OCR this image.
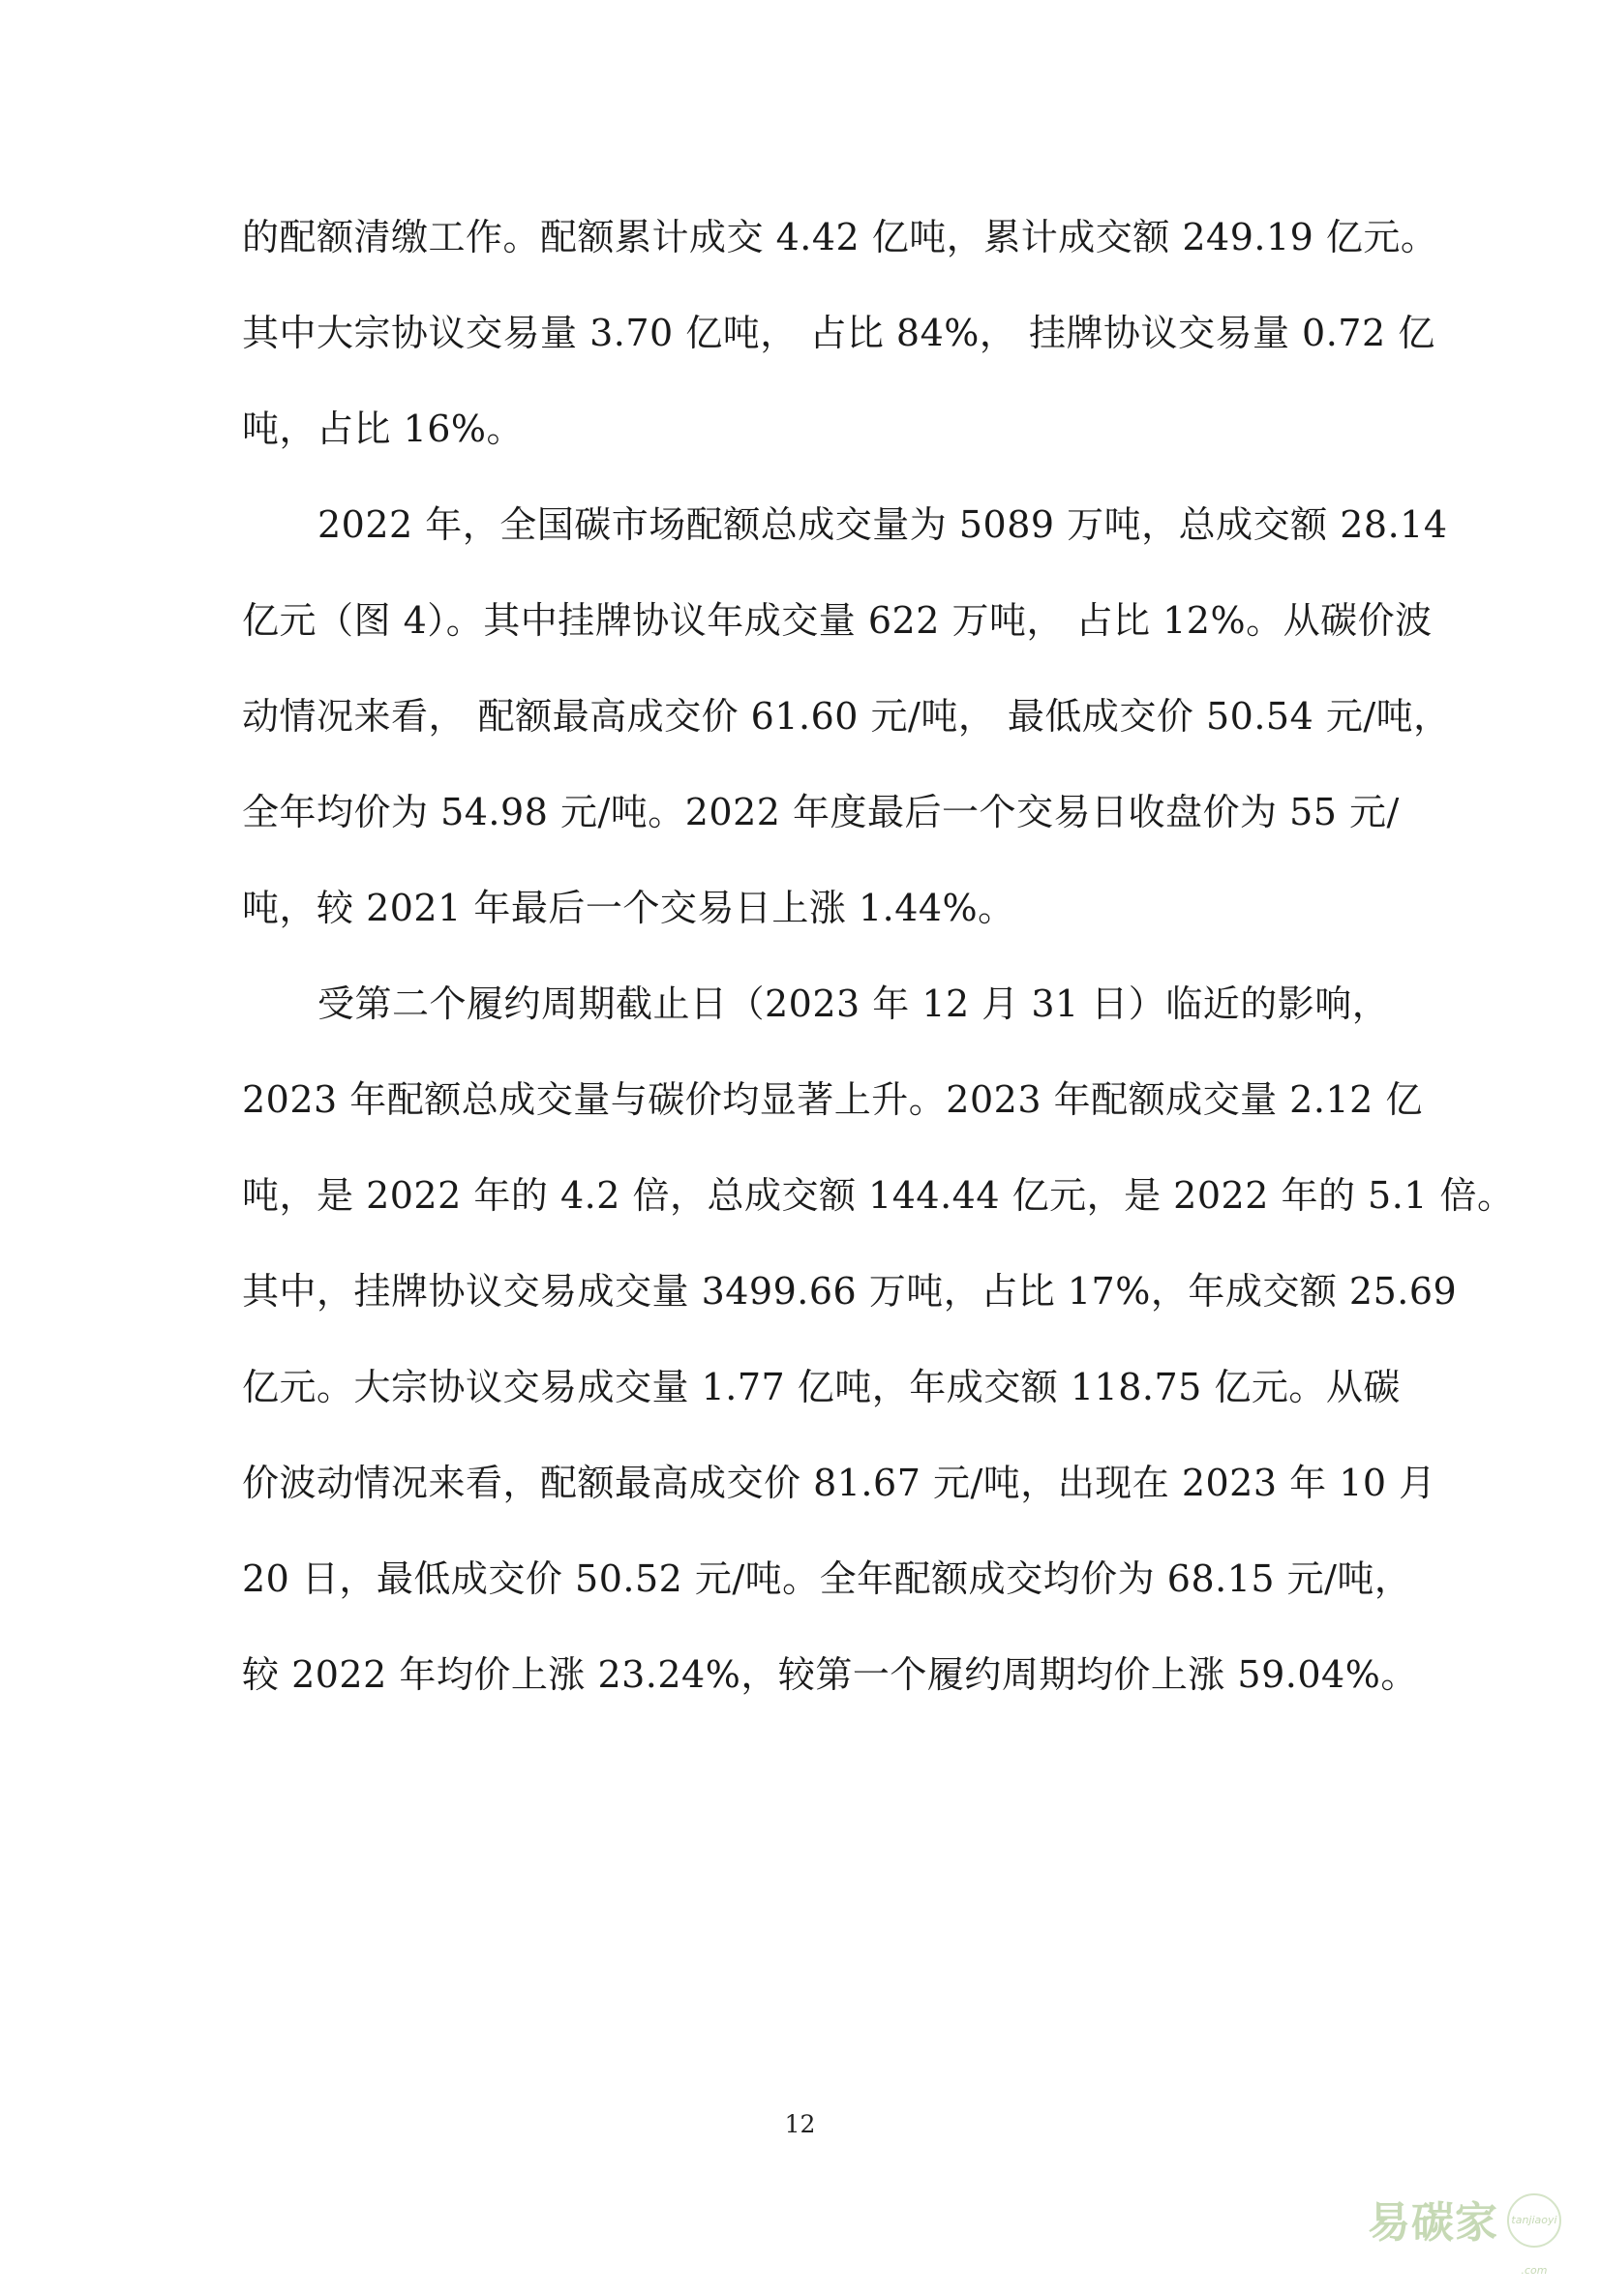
的配额清缴工作。配额累计成交 4.42 亿吨，累计成交额 249.19 亿元。
其中大宗协议交易量 3.70 亿吨， 占比 84%， 挂牌协议交易量 0.72 亿
吨，占比 16%。
2022 年，全国碳市场配额总成交量为 5089 万吨，总成交额 28.14
亿元（图 4）。其中挂牌协议年成交量 622 万吨， 占比 12%。从碳价波
动情况来看， 配额最高成交价 61.60 元/吨， 最低成交价 50.54 元/吨，
全年均价为 54.98 元/吨。2022 年度最后一个交易日收盘价为 55 元/
吨，较 2021 年最后一个交易日上涨 1.44%。
受第二个履约周期截止日（2023 年 12 月 31 日）临近的影响，
2023 年配额总成交量与碳价均显著上升。2023 年配额成交量 2.12 亿
吨，是 2022 年的 4.2 倍，总成交额 144.44 亿元，是 2022 年的 5.1 倍。
其中，挂牌协议交易成交量 3499.66 万吨，占比 17%，年成交额 25.69
亿元。大宗协议交易成交量 1.77 亿吨，年成交额 118.75 亿元。从碳
价波动情况来看，配额最高成交价 81.67 元/吨，出现在 2023 年 10 月
20 日，最低成交价 50.52 元/吨。全年配额成交均价为 68.15 元/吨，
较 2022 年均价上涨 23.24%，较第一个履约周期均价上涨 59.04%。
12
易碳家	tanjiaoyi .com
